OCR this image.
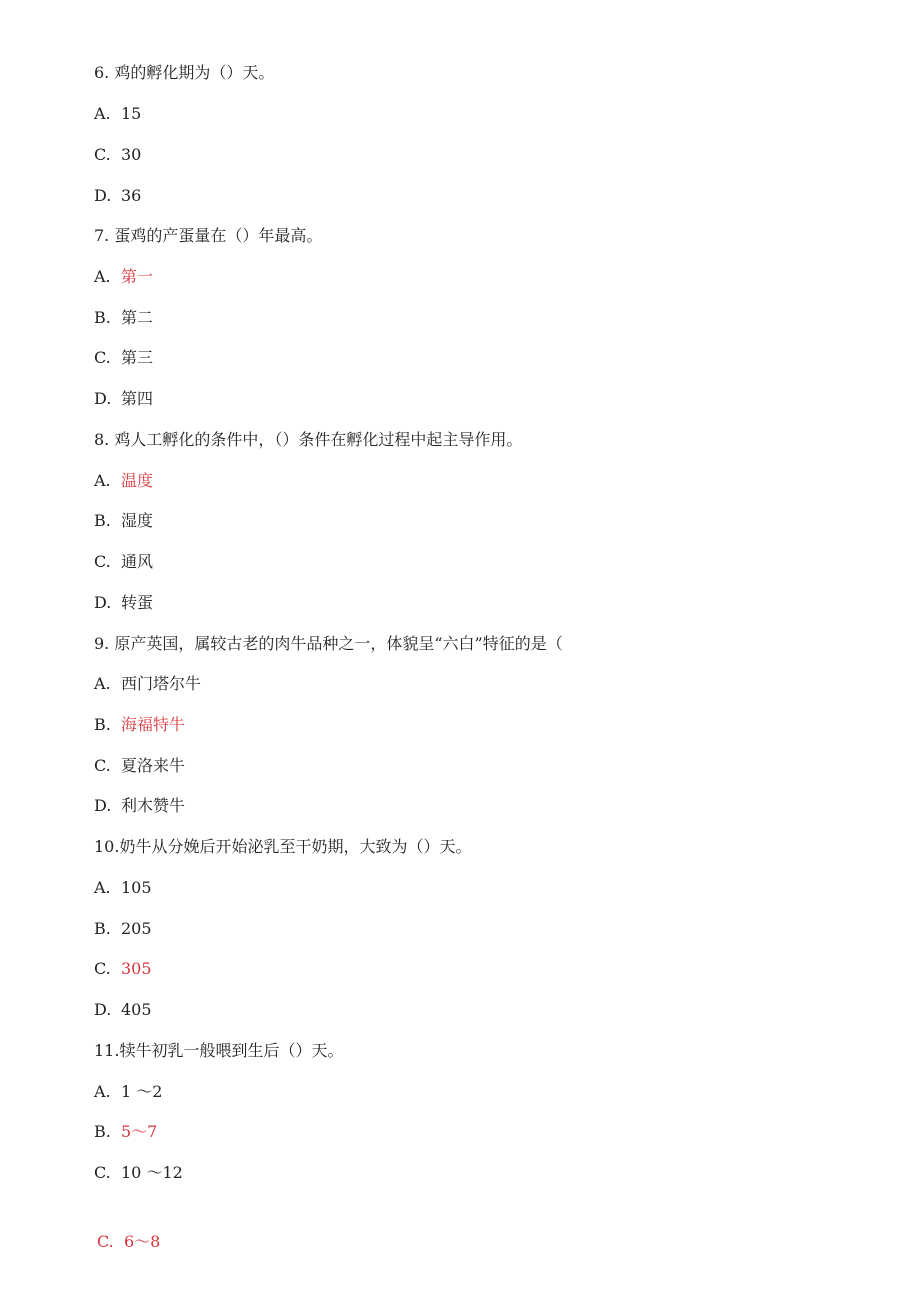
6. 鸡的孵化期为（）天。
A. 15
C. 30
D. 36
7. 蛋鸡的产蛋量在（）年最高。
A. 第一
B. 第二
C. 第三
D. 第四
8. 鸡人工孵化的条件中，（）条件在孵化过程中起主导作用。
A. 温度
B. 湿度
C. 通风
D. 转蛋
9. 原产英国，属较古老的肉牛品种之一，体貌呈“六白”特征的是（
A. 西门塔尔牛
B. 海福特牛
C. 夏洛来牛
D. 利木赞牛
10.奶牛从分娩后开始泌乳至干奶期，大致为（）天。
A. 105
B. 205
C. 305
D. 405
11.犊牛初乳一般喂到生后（）天。
A. 1 ～2
B. 5～7
C. 10 ～12
C. 6～8
